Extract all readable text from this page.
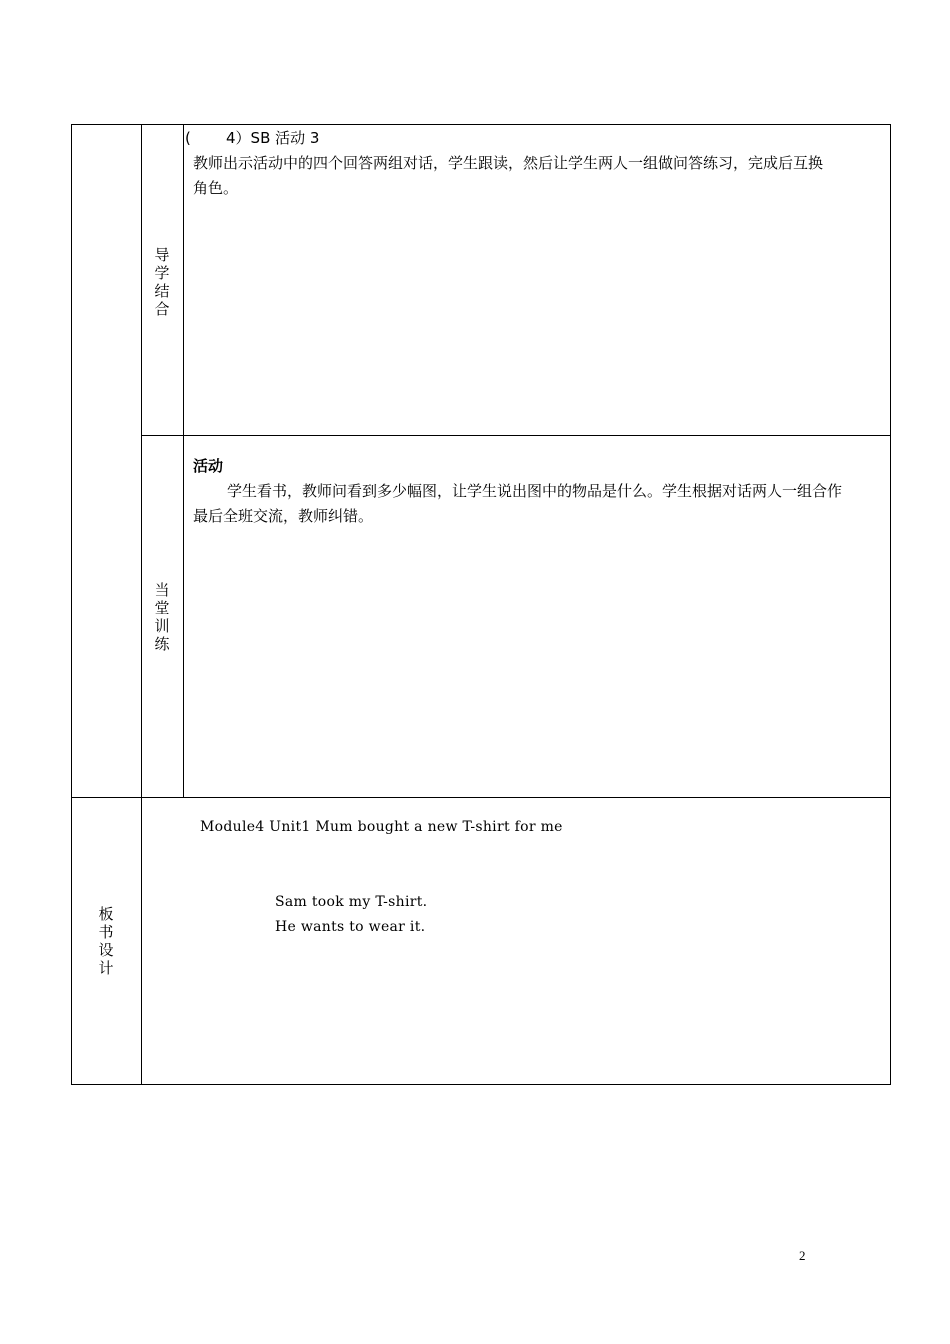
导学结合
( 4）SB 活动 3
教师出示活动中的四个回答两组对话，学生跟读，然后让学生两人一组做问答练习，完成后互换
角色。
当堂训练
活动
学生看书，教师问看到多少幅图，让学生说出图中的物品是什么。学生根据对话两人一组合作
最后全班交流，教师纠错。
板书设计
Module4 Unit1 Mum bought a new T-shirt for me
Sam took my T-shirt.
He wants to wear it.
2
